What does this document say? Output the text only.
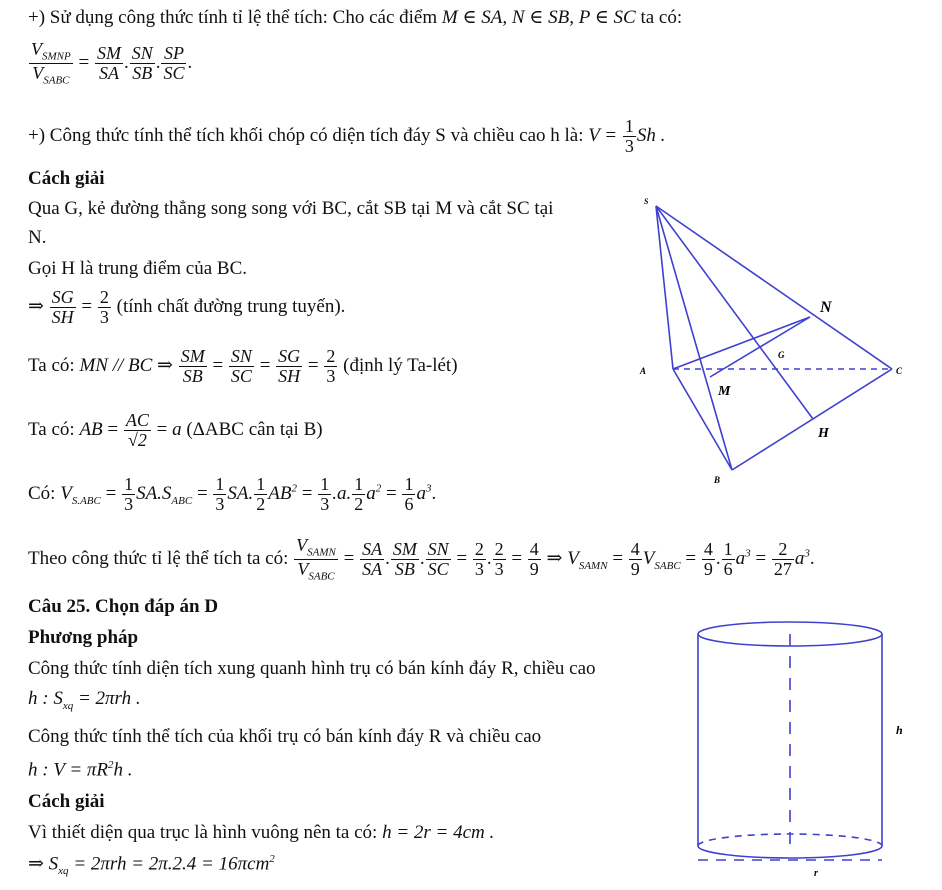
+) Sử dụng công thức tính tỉ lệ thể tích: Cho các điểm M ∈ SA, N ∈ SB, P ∈ SC ta có:
$\frac{V_{SMNP}}{V_{SABC}} = \frac{SM}{SA}$ . $\frac{SN}{SB}$ . $\frac{SP}{SC}$ .
+) Công thức tính thể tích khối chóp có diện tích đáy S và chiều cao h là: $V = \frac{1}{3}$ Sh .
Cách giải
Qua G, kẻ đường thẳng song song với BC, cắt SB tại M và cắt SC tại
N.
Gọi H là trung điểm của BC.
⇒ $\frac{SG}{SH} = \frac{2}{3}$ (tính chất đường trung tuyến).
Ta có: MN // BC ⇒ $\frac{SM}{SB} = \frac{SN}{SC} = \frac{SG}{SH} = \frac{2}{3}$ (định lý Ta-lét)
Ta có: AB = $\frac{AC}{√2} = a$ (ΔABC cân tại B)
Có: $V_{S.ABC} = \frac{1}{3} SA.S_{ABC} = \frac{1}{3}$ SA. $\frac{1}{2} AB^2 = \frac{1}{3} .a$. $\frac{1}{2} a^2 = \frac{1}{6} a^3$.
Theo công thức tỉ lệ thể tích ta có: $\frac{V_{SAMN}}{V_{SABC}} = \frac{SA}{SA}$ . $\frac{SM}{SB}$ . $\frac{SN}{SC} = \frac{2}{3}$ . $\frac{2}{3} = \frac{4}{9}$ ⇒ $V_{SAMN} = \frac{4}{9} V_{SABC} = \frac{4}{9}$ . $\frac{1}{6} a^3 = \frac{2}{27} a^3$.
Câu 25. Chọn đáp án D
Phương pháp
Công thức tính diện tích xung quanh hình trụ có bán kính đáy R, chiều cao
h : $S_{xq} = 2\pi rh$ .
Công thức tính thể tích của khối trụ có bán kính đáy R và chiều cao
h : $V = \pi R^2h$ .
Cách giải
Vì thiết diện qua trục là hình vuông nên ta có: h = 2r = 4cm .
⇒ $S_{xq} = 2\pi rh = 2\pi.2.4 = 16\pi cm^2$
S
N
G
A	C
M
H
B
h
r
